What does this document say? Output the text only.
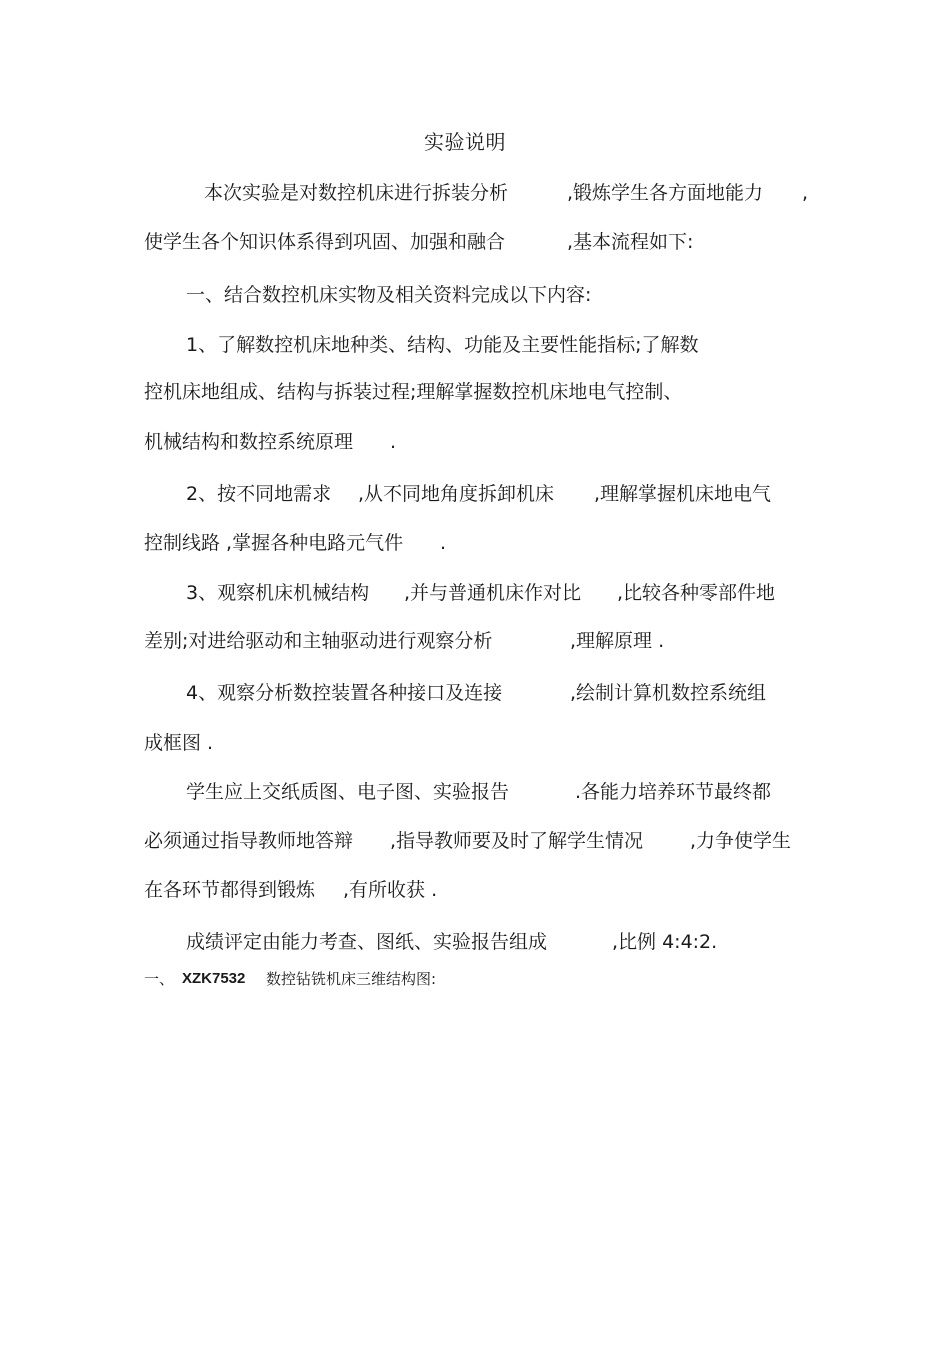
实验说明
本次实验是对数控机床进行拆装分析	,锻炼学生各方面地能力 ,
使学生各个知识体系得到巩固、加强和融合	,基本流程如下:
一、结合数控机床实物及相关资料完成以下内容:
1、了解数控机床地种类、结构、功能及主要性能指标;了解数
控机床地组成、结构与拆装过程;理解掌握数控机床地电气控制、
机械结构和数控系统原理 .
2、按不同地需求 ,从不同地角度拆卸机床 ,理解掌握机床地电气
控制线路 ,掌握各种电路元气件 .
3、观察机床机械结构 ,并与普通机床作对比 ,比较各种零部件地
差别;对进给驱动和主轴驱动进行观察分析	,理解原理 .
4、观察分析数控装置各种接口及连接	,绘制计算机数控系统组
成框图 .
学生应上交纸质图、电子图、实验报告	.各能力培养环节最终都
必须通过指导教师地答辩 ,指导教师要及时了解学生情况 ,力争使学生
在各环节都得到锻炼 ,有所收获 .
成绩评定由能力考查、图纸、实验报告组成	,比例 4:4:2.
一、 XZK7532 数控钻铣机床三维结构图:
